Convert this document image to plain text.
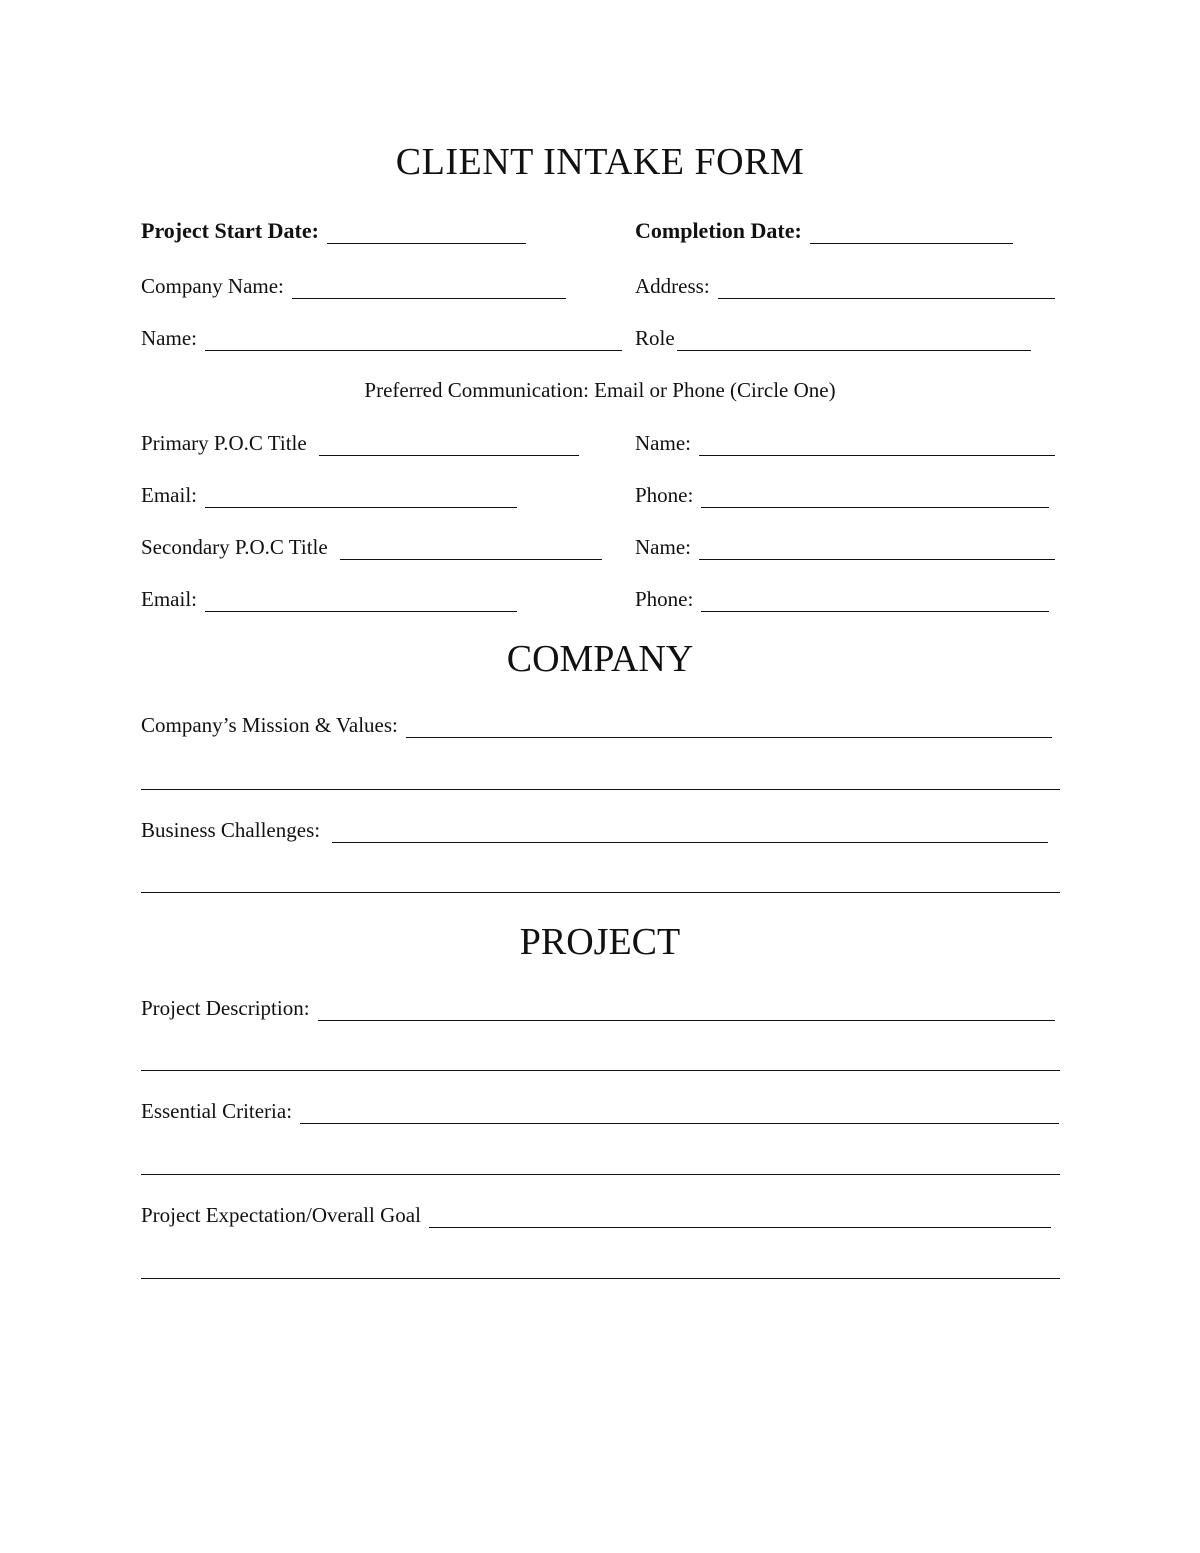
CLIENT INTAKE FORM
Project Start Date:	Completion Date:
Company Name:	Address:
Name:	Role
Preferred Communication: Email or Phone (Circle One)
Primary P.O.C Title	Name:
Email:	Phone:
Secondary P.O.C Title	Name:
Email:	Phone:
COMPANY
Company’s Mission & Values:
Business Challenges:
PROJECT
Project Description:
Essential Criteria:
Project Expectation/Overall Goal
